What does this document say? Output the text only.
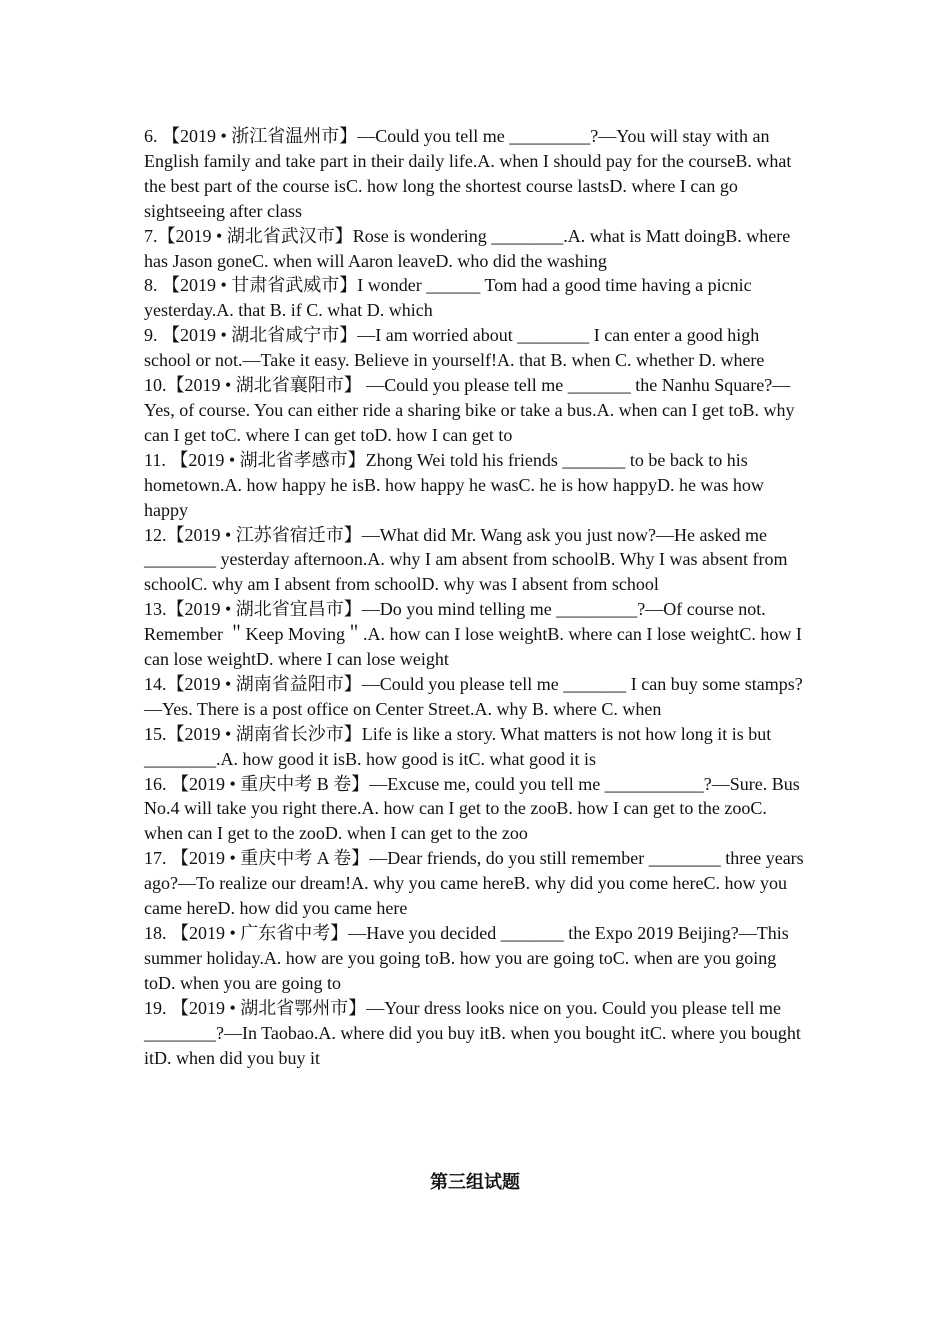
6. 【2019 • 浙江省温州市】—Could you tell me _________?—You will stay with an English family and take part in their daily life.A. when I should pay for the courseB. what the best part of the course isC. how long the shortest course lastsD. where I can go sightseeing after class

7.【2019 • 湖北省武汉市】Rose is wondering ________.A. what is Matt doingB. where has Jason goneC. when will Aaron leaveD. who did the washing

8. 【2019 • 甘肃省武威市】I wonder ______ Tom had a good time having a picnic yesterday.A. that B. if C. what D. which

9. 【2019 • 湖北省咸宁市】—I am worried about ________ I can enter a good high school or not.—Take it easy. Believe in yourself!A. that B. when C. whether D. where

10.【2019 • 湖北省襄阳市】 —Could you please tell me _______ the Nanhu Square?—Yes, of course. You can either ride a sharing bike or take a bus.A. when can I get toB. why can I get toC. where I can get toD. how I can get to

11. 【2019 • 湖北省孝感市】Zhong Wei told his friends _______ to be back to his hometown.A. how happy he isB. how happy he wasC. he is how happyD. he was how happy

12.【2019 • 江苏省宿迁市】—What did Mr. Wang ask you just now?—He asked me ________ yesterday afternoon.A. why I am absent from schoolB. Why I was absent from schoolC. why am I absent from schoolD. why was I absent from school

13.【2019 • 湖北省宜昌市】—Do you mind telling me _________?—Of course not. Remember ＂Keep Moving＂.A. how can I lose weightB. where can I lose weightC. how I can lose weightD. where I can lose weight

14.【2019 • 湖南省益阳市】—Could you please tell me _______ I can buy some stamps?—Yes. There is a post office on Center Street.A. why B. where C. when

15.【2019 • 湖南省长沙市】Life is like a story. What matters is not how long it is but ________.A. how good it isB. how good is itC. what good it is

16. 【2019 • 重庆中考 B 卷】—Excuse me, could you tell me ___________?—Sure. Bus No.4 will take you right there.A. how can I get to the zooB. how I can get to the zooC. when can I get to the zooD. when I can get to the zoo

17. 【2019 • 重庆中考 A 卷】—Dear friends, do you still remember ________ three years ago?—To realize our dream!A. why you came hereB. why did you come hereC. how you came hereD. how did you came here

18. 【2019 • 广东省中考】—Have you decided _______ the Expo 2019 Beijing?—This summer holiday.A. how are you going toB. how you are going toC. when are you going toD. when you are going to

19. 【2019 • 湖北省鄂州市】—Your dress looks nice on you. Could you please tell me ________?—In Taobao.A. where did you buy itB. when you bought itC. where you bought itD. when did you buy it

第三组试题
